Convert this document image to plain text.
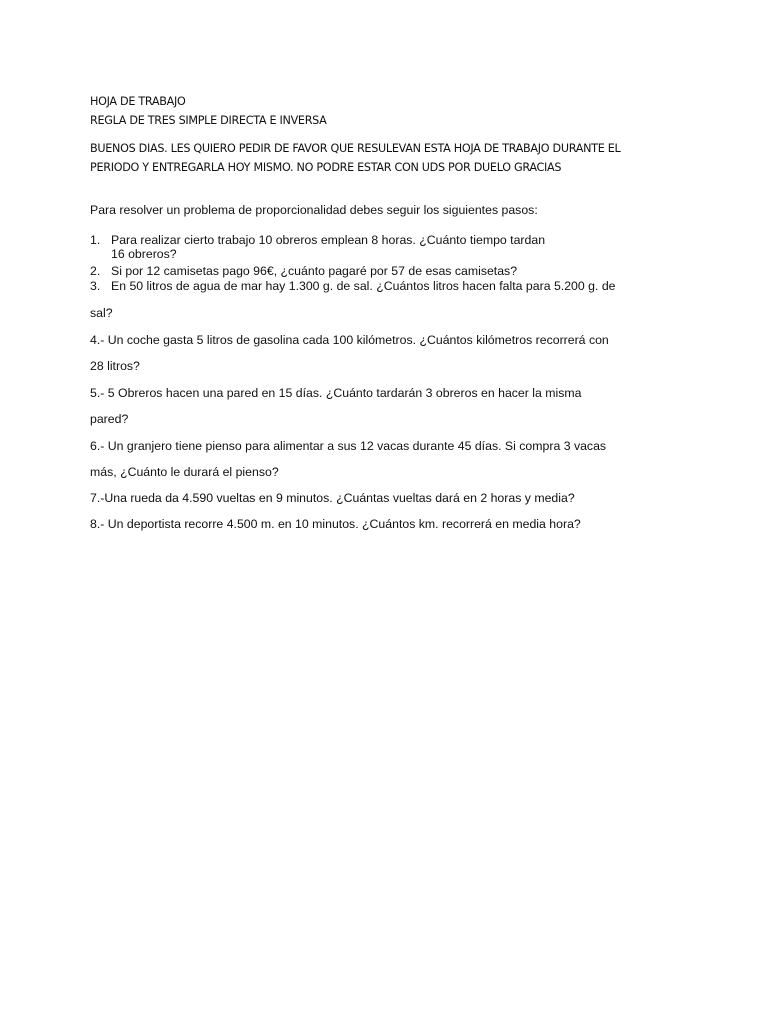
HOJA DE TRABAJO
REGLA DE TRES SIMPLE DIRECTA E INVERSA
BUENOS DIAS. LES QUIERO PEDIR DE FAVOR QUE RESULEVAN ESTA HOJA DE TRABAJO DURANTE EL
PERIODO Y ENTREGARLA HOY MISMO. NO PODRE ESTAR CON UDS POR DUELO GRACIAS
Para resolver un problema de proporcionalidad debes seguir los siguientes pasos:
1. Para realizar cierto trabajo 10 obreros emplean 8 horas. ¿Cuánto tiempo tardan
16 obreros?
2. Si por 12 camisetas pago 96€, ¿cuánto pagaré por 57 de esas camisetas?
3. En 50 litros de agua de mar hay 1.300 g. de sal. ¿Cuántos litros hacen falta para 5.200 g. de
sal?
4.- Un coche gasta 5 litros de gasolina cada 100 kilómetros. ¿Cuántos kilómetros recorrerá con
28 litros?
5.- 5 Obreros hacen una pared en 15 días. ¿Cuánto tardarán 3 obreros en hacer la misma
pared?
6.- Un granjero tiene pienso para alimentar a sus 12 vacas durante 45 días. Si compra 3 vacas
más, ¿Cuánto le durará el pienso?
7.-Una rueda da 4.590 vueltas en 9 minutos. ¿Cuántas vueltas dará en 2 horas y media?
8.- Un deportista recorre 4.500 m. en 10 minutos. ¿Cuántos km. recorrerá en media hora?
